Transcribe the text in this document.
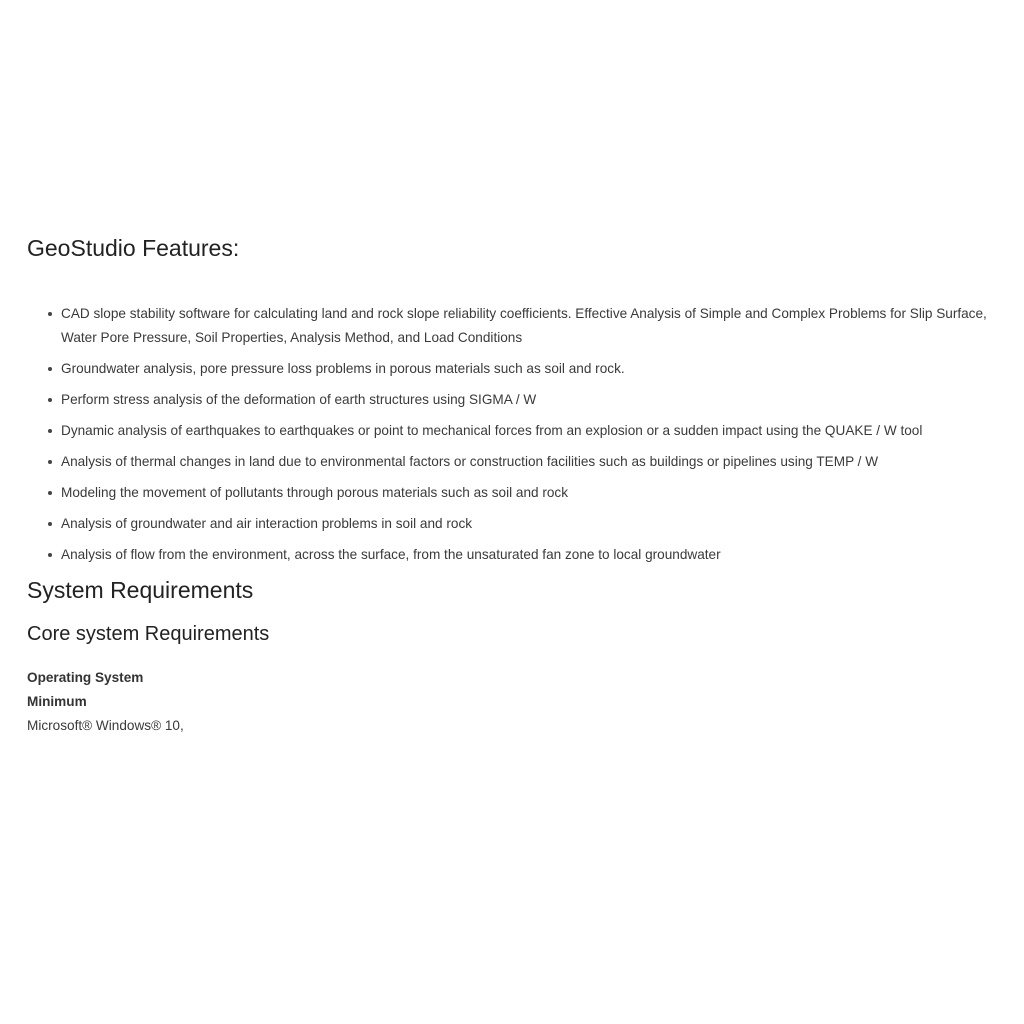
GeoStudio Features:
CAD slope stability software for calculating land and rock slope reliability coefficients. Effective Analysis of Simple and Complex Problems for Slip Surface, Water Pore Pressure, Soil Properties, Analysis Method, and Load Conditions
Groundwater analysis, pore pressure loss problems in porous materials such as soil and rock.
Perform stress analysis of the deformation of earth structures using SIGMA / W
Dynamic analysis of earthquakes to earthquakes or point to mechanical forces from an explosion or a sudden impact using the QUAKE / W tool
Analysis of thermal changes in land due to environmental factors or construction facilities such as buildings or pipelines using TEMP / W
Modeling the movement of pollutants through porous materials such as soil and rock
Analysis of groundwater and air interaction problems in soil and rock
Analysis of flow from the environment, across the surface, from the unsaturated fan zone to local groundwater
System Requirements
Core system Requirements
Operating System
Minimum
Microsoft® Windows® 10,
